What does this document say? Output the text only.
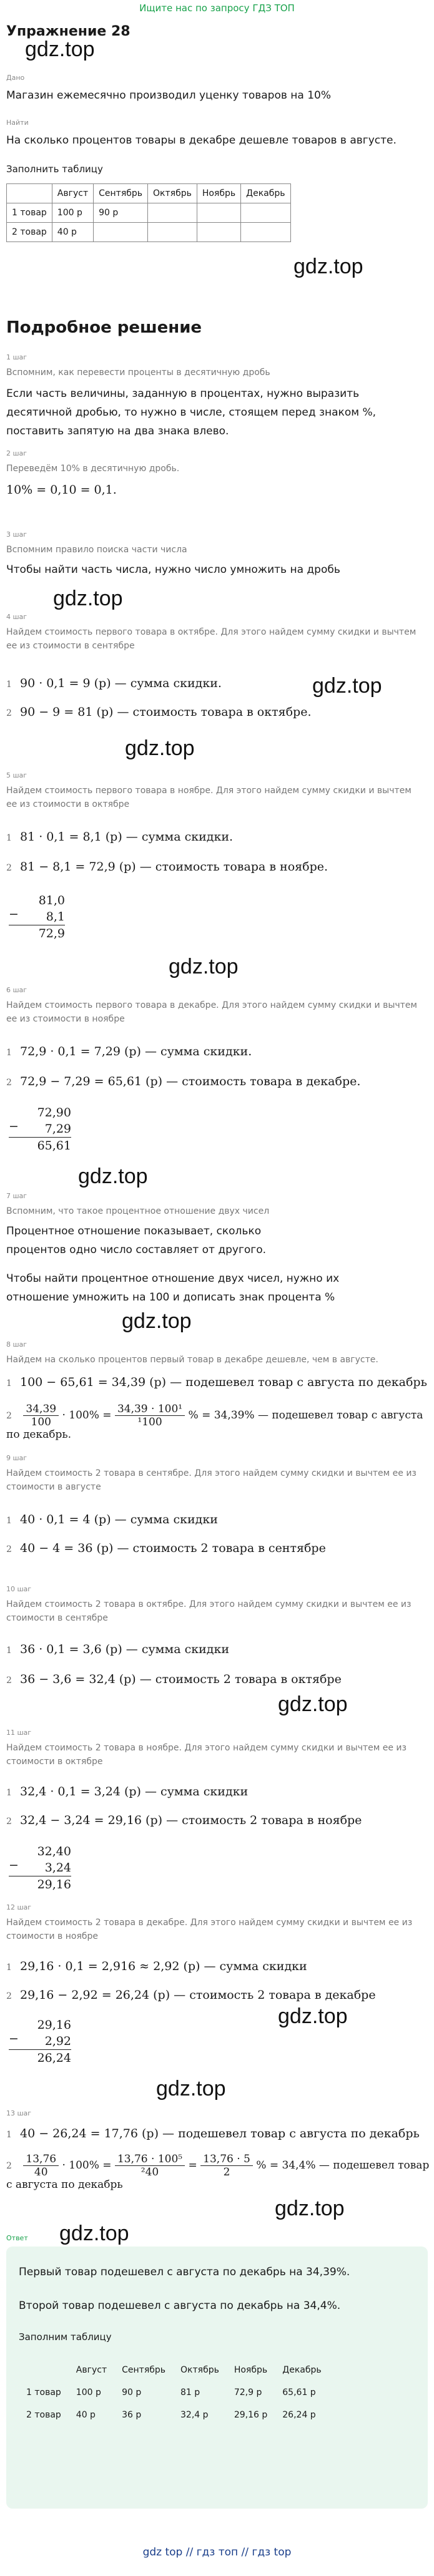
Ищите нас по запросу ГДЗ ТОП
Упражнение 28
gdz.top
Дано
Магазин ежемесячно производил уценку товаров на 10%
Найти
На сколько процентов товары в декабре дешевле товаров в августе.
Заполнить таблицу
	Август	Сентябрь	Октябрь	Ноябрь	Декабрь
1 товар	100 р	90 р			
2 товар	40 р				
gdz.top
Подробное решение
1 шаг
Вспомним, как перевести проценты в десятичную дробь
Если часть величины, заданную в процентах, нужно выразить десятичной дробью, то нужно в числе, стоящем перед знаком %, поставить запятую на два знака влево.
2 шаг
Переведём 10% в десятичную дробь.
10% = 0,10 = 0,1.
3 шаг
Вспомним правило поиска части числа
Чтобы найти часть числа, нужно число умножить на дробь
gdz.top
4 шаг
Найдем стоимость первого товара в октябре. Для этого найдем сумму скидки и вычтем ее из стоимости в сентябре
gdz.top
1 90 · 0,1 = 9 (р) — сумма скидки.
2 90 − 9 = 81 (р) — стоимость товара в октябре.
gdz.top
5 шаг
Найдем стоимость первого товара в ноябре. Для этого найдем сумму скидки и вычтем ее из стоимости в октябре
1 81 · 0,1 = 8,1 (р) — сумма скидки.
2 81 − 8,1 = 72,9 (р) — стоимость товара в ноябре.
81,0
8,1
72,9
−
gdz.top
6 шаг
Найдем стоимость первого товара в декабре. Для этого найдем сумму скидки и вычтем ее из стоимости в ноябре
1 72,9 · 0,1 = 7,29 (р) — сумма скидки.
2 72,9 − 7,29 = 65,61 (р) — стоимость товара в декабре.
72,90
7,29
65,61
−
gdz.top
7 шаг
Вспомним, что такое процентное отношение двух чисел
Процентное отношение показывает, сколько процентов одно число составляет от другого.
Чтобы найти процентное отношение двух чисел, нужно их отношение умножить на 100 и дописать знак процента %
gdz.top
8 шаг
Найдем на сколько процентов первый товар в декабре дешевле, чем в августе.
1 100 − 65,61 = 34,39 (р) — подешевел товар с августа по декабрь
$2 \frac{34,39}{100} \cdot 100\% = \frac{\text{34,39 · 100¹}}{\text{¹100}}$ % = 34,39% — подешевел товар с августа по декабрь.
9 шаг
Найдем стоимость 2 товара в сентябре. Для этого найдем сумму скидки и вычтем ее из стоимости в августе
1 40 · 0,1 = 4 (р) — сумма скидки
2 40 − 4 = 36 (р) — стоимость 2 товара в сентябре
10 шаг
Найдем стоимость 2 товара в октябре. Для этого найдем сумму скидки и вычтем ее из стоимости в сентябре
1 36 · 0,1 = 3,6 (р) — сумма скидки
2 36 − 3,6 = 32,4 (р) — стоимость 2 товара в октябре
gdz.top
11 шаг
Найдем стоимость 2 товара в ноябре. Для этого найдем сумму скидки и вычтем ее из стоимости в октябре
1 32,4 · 0,1 = 3,24 (р) — сумма скидки
2 32,4 − 3,24 = 29,16 (р) — стоимость 2 товара в ноябре
32,40
3,24
29,16
−
12 шаг
Найдем стоимость 2 товара в декабре. Для этого найдем сумму скидки и вычтем ее из стоимости в ноябре
1 29,16 · 0,1 = 2,916 ≈ 2,92 (р) — сумма скидки
2 29,16 − 2,92 = 26,24 (р) — стоимость 2 товара в декабре
gdz.top
29,16
2,92
26,24
−
gdz.top
13 шаг
1 40 − 26,24 = 17,76 (р) — подешевел товар с августа по декабрь
$2 \frac{13,76}{40} \cdot 100\% = \frac{\text{13,76 · 100⁵}}{\text{²40}} = \frac{13,76 \cdot 5}{2}$ % = 34,4% — подешевел товар с августа по декабрь
gdz.top
Ответ gdz.top
Первый товар подешевел с августа по декабрь на 34,39%.
Второй товар подешевел с августа по декабрь на 34,4%.
Заполним таблицу
	Август	Сентябрь	Октябрь	Ноябрь	Декабрь
1 товар	100 р	90 р	81 р	72,9 р	65,61 р
2 товар	40 р	36 р	32,4 р	29,16 р	26,24 р
gdz top // гдз топ // гдз top
